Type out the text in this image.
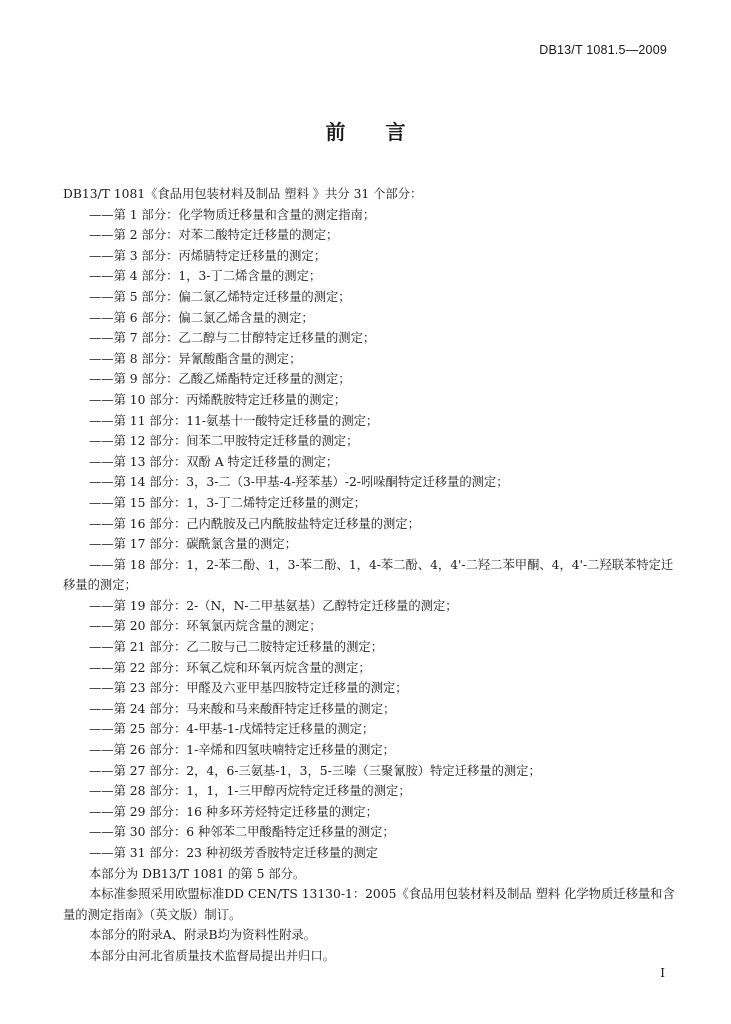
DB13/T 1081.5—2009
前言
DB13/T 1081《食品用包装材料及制品 塑料 》共分 31 个部分：
——第 1 部分：化学物质迁移量和含量的测定指南；
——第 2 部分：对苯二酸特定迁移量的测定；
——第 3 部分：丙烯腈特定迁移量的测定；
——第 4 部分：1，3-丁二烯含量的测定；
——第 5 部分：偏二氯乙烯特定迁移量的测定；
——第 6 部分：偏二氯乙烯含量的测定；
——第 7 部分：乙二醇与二甘醇特定迁移量的测定；
——第 8 部分：异氰酸酯含量的测定；
——第 9 部分：乙酸乙烯酯特定迁移量的测定；
——第 10 部分：丙烯酰胺特定迁移量的测定；
——第 11 部分：11-氨基十一酸特定迁移量的测定；
——第 12 部分：间苯二甲胺特定迁移量的测定；
——第 13 部分：双酚 A 特定迁移量的测定；
——第 14 部分：3，3-二（3-甲基-4-羟苯基）-2-吲哚酮特定迁移量的测定；
——第 15 部分：1，3-丁二烯特定迁移量的测定；
——第 16 部分：己内酰胺及己内酰胺盐特定迁移量的测定；
——第 17 部分：碳酰氯含量的测定；
——第 18 部分：1，2-苯二酚、1，3-苯二酚、1，4-苯二酚、4，4'-二羟二苯甲酮、4，4'-二羟联苯特定迁移量的测定；
——第 19 部分：2-（N，N-二甲基氨基）乙醇特定迁移量的测定；
——第 20 部分：环氧氯丙烷含量的测定；
——第 21 部分：乙二胺与己二胺特定迁移量的测定；
——第 22 部分：环氧乙烷和环氧丙烷含量的测定；
——第 23 部分：甲醛及六亚甲基四胺特定迁移量的测定；
——第 24 部分：马来酸和马来酸酐特定迁移量的测定；
——第 25 部分：4-甲基-1-戊烯特定迁移量的测定；
——第 26 部分：1-辛烯和四氢呋喃特定迁移量的测定；
——第 27 部分：2，4，6-三氨基-1，3，5-三嗪（三聚氰胺）特定迁移量的测定；
——第 28 部分：1，1，1-三甲醇丙烷特定迁移量的测定；
——第 29 部分：16 种多环芳烃特定迁移量的测定；
——第 30 部分：6 种邻苯二甲酸酯特定迁移量的测定；
——第 31 部分：23 种初级芳香胺特定迁移量的测定
本部分为 DB13/T 1081 的第 5 部分。
本标准参照采用欧盟标准DD CEN/TS 13130-1：2005《食品用包装材料及制品 塑料 化学物质迁移量和含量的测定指南》（英文版）制订。
本部分的附录A、附录B均为资料性附录。
本部分由河北省质量技术监督局提出并归口。
I
